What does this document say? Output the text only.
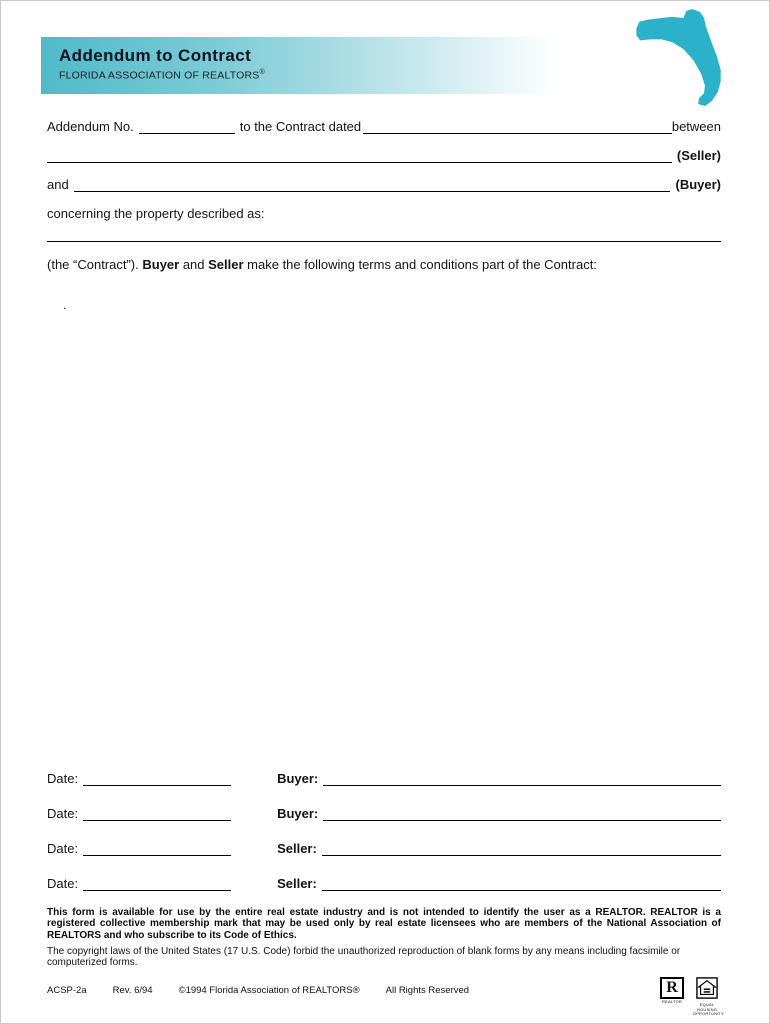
Addendum to Contract
FLORIDA ASSOCIATION OF REALTORS®
Addendum No.	to the Contract dated	between
(Seller)
and	(Buyer)
concerning the property described as:
(the “Contract”). Buyer and Seller make the following terms and conditions part of the Contract:
.
Date:	Buyer:
Date:	Buyer:
Date:	Seller:
Date:	Seller:
This form is available for use by the entire real estate industry and is not intended to identify the user as a REALTOR. REALTOR is a registered collective membership mark that may be used only by real estate licensees who are members of the National Association of REALTORS and who subscribe to its Code of Ethics.
The copyright laws of the United States (17 U.S. Code) forbid the unauthorized reproduction of blank forms by any means including facsimile or computerized forms.
ACSP-2a	Rev. 6/94	©1994 Florida Association of REALTORS®	All Rights Reserved	R
REALTOR
EQUAL HOUSING OPPORTUNITY
